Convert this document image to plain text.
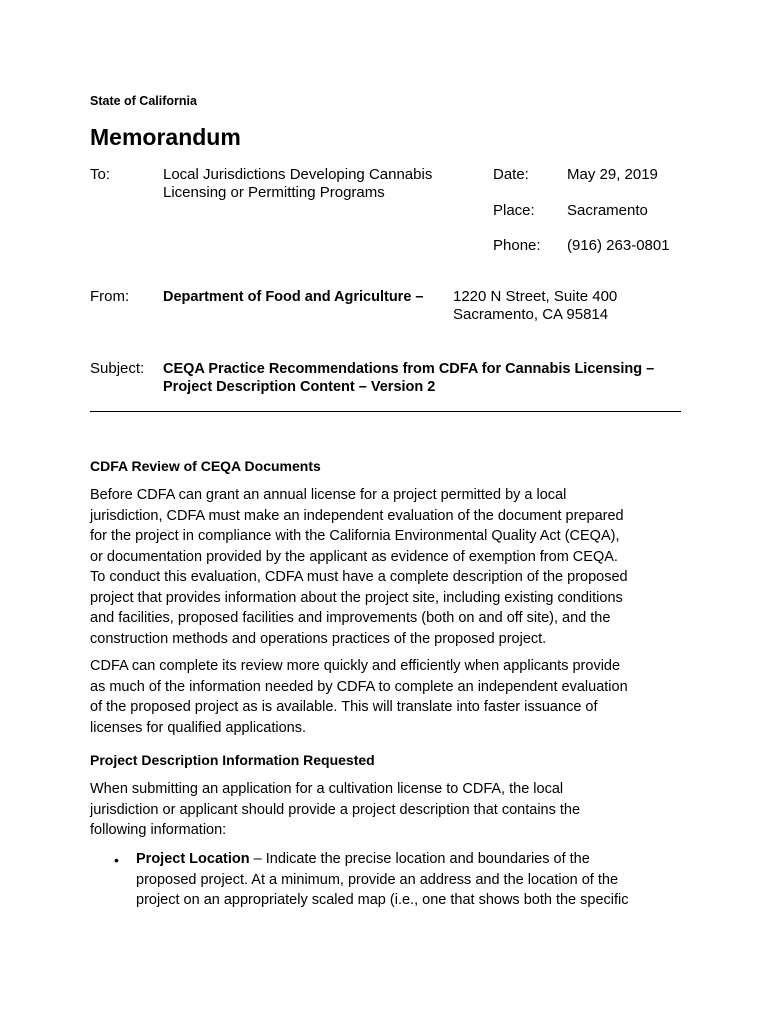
State of California
Memorandum
To:	Local Jurisdictions Developing Cannabis
Licensing or Permitting Programs
Date:	May 29, 2019
Place: Sacramento
Phone: (916) 263-0801
From: Department of Food and Agriculture – 1220 N Street, Suite 400
Sacramento, CA 95814
Subject: CEQA Practice Recommendations from CDFA for Cannabis Licensing –
Project Description Content – Version 2
CDFA Review of CEQA Documents
Before CDFA can grant an annual license for a project permitted by a local
jurisdiction, CDFA must make an independent evaluation of the document prepared
for the project in compliance with the California Environmental Quality Act (CEQA),
or documentation provided by the applicant as evidence of exemption from CEQA.
To conduct this evaluation, CDFA must have a complete description of the proposed
project that provides information about the project site, including existing conditions
and facilities, proposed facilities and improvements (both on and off site), and the
construction methods and operations practices of the proposed project.
CDFA can complete its review more quickly and efficiently when applicants provide
as much of the information needed by CDFA to complete an independent evaluation
of the proposed project as is available. This will translate into faster issuance of
licenses for qualified applications.
Project Description Information Requested
When submitting an application for a cultivation license to CDFA, the local
jurisdiction or applicant should provide a project description that contains the
following information:
• Project Location – Indicate the precise location and boundaries of the
proposed project. At a minimum, provide an address and the location of the
project on an appropriately scaled map (i.e., one that shows both the specific
